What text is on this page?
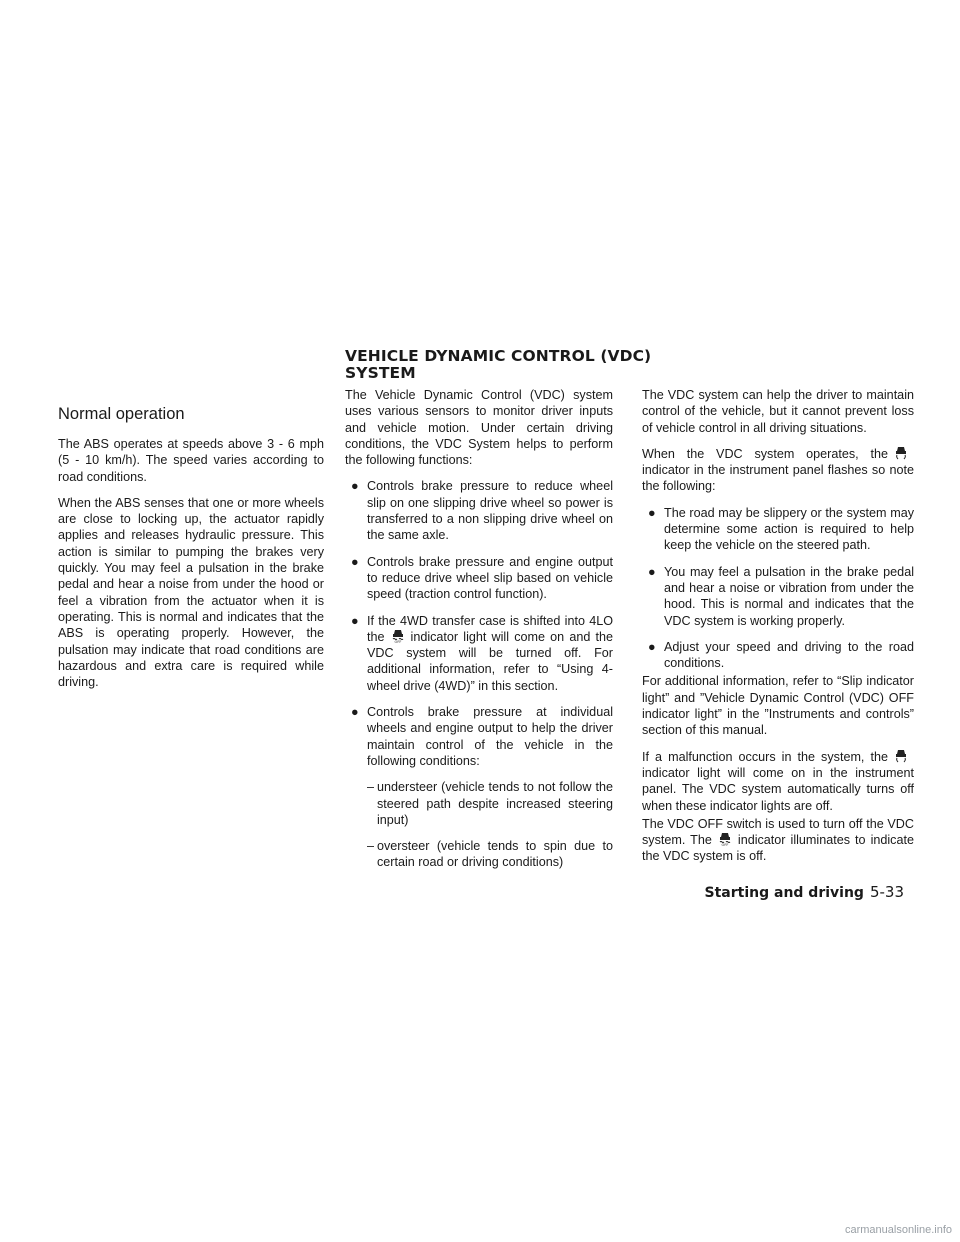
VEHICLE DYNAMIC CONTROL (VDC)
SYSTEM
Normal operation

The ABS operates at speeds above 3 - 6 mph (5 - 10 km/h). The speed varies according to road conditions.

When the ABS senses that one or more wheels are close to locking up, the actuator rapidly applies and releases hydraulic pressure. This action is similar to pumping the brakes very quickly. You may feel a pulsation in the brake pedal and hear a noise from under the hood or feel a vibration from the actuator when it is operating. This is normal and indicates that the ABS is operating properly. However, the pulsation may indicate that road conditions are hazardous and extra care is required while driving.

The Vehicle Dynamic Control (VDC) system uses various sensors to monitor driver inputs and vehicle motion. Under certain driving conditions, the VDC System helps to perform the following functions:

● Controls brake pressure to reduce wheel slip on one slipping drive wheel so power is transferred to a non slipping drive wheel on the same axle.
● Controls brake pressure and engine output to reduce drive wheel slip based on vehicle speed (traction control function).
● If the 4WD transfer case is shifted into 4LO the	OFF indicator light will come on and the VDC system will be turned off. For additional information, refer to “Using 4-wheel drive (4WD)” in this section.
● Controls brake pressure at individual wheels and engine output to help the driver maintain control of the vehicle in the following conditions:
– understeer (vehicle tends to not follow the steered path despite increased steering input)
– oversteer (vehicle tends to spin due to certain road or driving conditions)

The VDC system can help the driver to maintain control of the vehicle, but it cannot prevent loss of vehicle control in all driving situations.

When the VDC system operates, theindicator in the instrument panel flashes so note the following:

● The road may be slippery or the system may determine some action is required to help keep the vehicle on the steered path.
● You may feel a pulsation in the brake pedal and hear a noise or vibration from under the hood. This is normal and indicates that the VDC system is working properly.
● Adjust your speed and driving to the road conditions.

For additional information, refer to “Slip indicator light” and ”Vehicle Dynamic Control (VDC) OFF indicator light” in the ”Instruments and controls” section of this manual.

If a malfunction occurs in the system, theindicator light will come on in the instrument panel. The VDC system automatically turns off when these indicator lights are off.

The VDC OFF switch is used to turn off the VDC system. The	OFF indicator illuminates to indicate the VDC system is off.

Starting and driving 5-33
carmanualsonline.info
